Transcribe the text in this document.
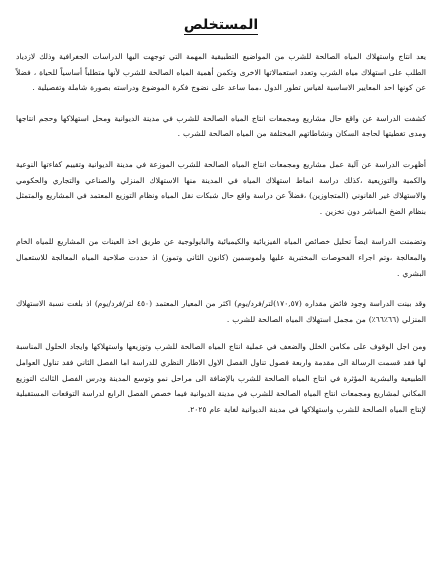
المستخلص

يعد انتاج واستهلاك المياه الصالحة للشرب من المواضيع التطبيقية المهمة التي توجهت اليها الدراسات الجغرافية وذلك لازدياد الطلب على استهلاك مياه الشرب وتعدد استعمالاتها الاخرى وتكمن أهمية المياه الصالحة للشرب لأنها متطلباً أساسياً للحياة ، فضلاً عن كونها احد المعايير الاساسية لقياس تطور الدول ،مما ساعد على نضوج فكرة الموضوع ودراسته بصورة شاملة وتفصيلية .

كشفت الدراسة عن واقع حال مشاريع ومجمعات انتاج المياه الصالحة للشرب في مدينة الديوانية ومحل استهلاكها وحجم انتاجها ومدى تغطيتها لحاجة السكان ونشاطاتهم المختلفة من المياه الصالحة للشرب .

أظهرت الدراسة عن آلية عمل مشاريع ومجمعات انتاج المياه الصالحة للشرب الموزعة في مدينة الديوانية وتقييم كفاءتها النوعية والكمية والتوزيعية ،كذلك دراسة انماط استهلاك المياه في المدينة منها الاستهلاك المنزلي والصناعي والتجاري والحكومي والاستهلاك غير القانوني (المتجاوزين) ،فضلاً عن دراسة واقع حال شبكات نقل المياه ونظام التوزيع المعتمد في المشاريع والمتمثل بنظام الضخ المباشر دون تخزين .

وتضمنت الدراسة ايضاً تحليل خصائص المياه الفيزيائية والكيميائية والبايولوجية عن طريق اخذ العينات من المشاريع للمياه الخام والمعالجة ،وتم اجراء الفحوصات المختبرية عليها ولموسمين (كانون الثاني وتموز) اذ حددت صلاحية المياه المعالجة للاستعمال البشري .

وقد بينت الدراسة وجود فائض مقداره (١٧٠,٥٧)لتر/فرد/يوم) اكثر من المعيار المعتمد (٤٥٠ لتر/فرد/يوم) اذ بلغت نسبة الاستهلاك المنزلي (٦٦٪٦٦٪) من مجمل استهلاك المياه الصالحة للشرب .

ومن اجل الوقوف على مكامن الخلل والضعف في عملية انتاج المياه الصالحة للشرب وتوزيعها واستهلاكها وايجاد الحلول المناسبة لها فقد قسمت الرسالة الى مقدمة واربعة فصول تناول الفصل الاول الاطار النظري للدراسة اما الفصل الثاني فقد تناول العوامل الطبيعية والبشرية المؤثرة في انتاج المياه الصالحة للشرب بالإضافة الى مراحل نمو وتوسع المدينة ودرس الفصل الثالث التوزيع المكاني لمشاريع ومجمعات انتاج المياه الصالحة للشرب في مدينة الديوانية فيما خصص الفصل الرابع لدراسة التوقعات المستقبلية لإنتاج المياه الصالحة للشرب واستهلاكها في مدينة الديوانية لغاية عام ٢٠٢٥.
